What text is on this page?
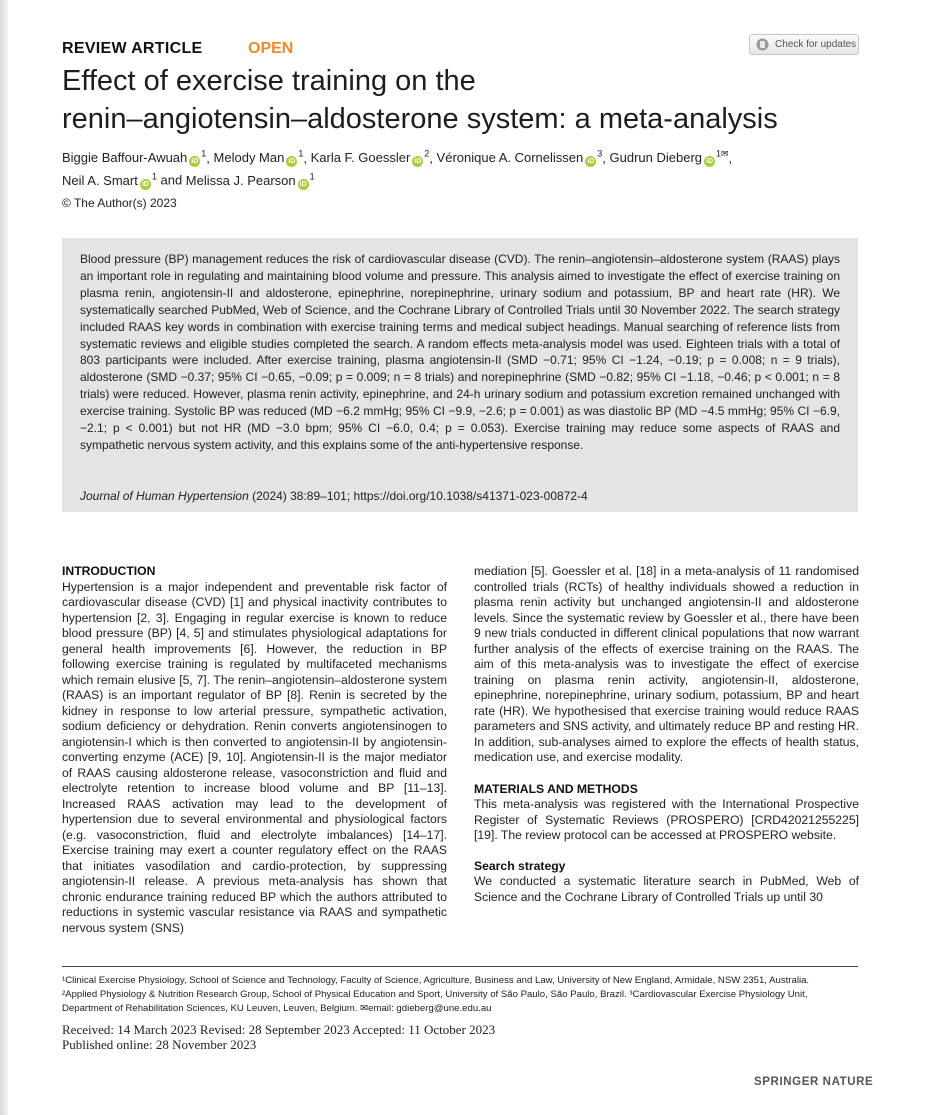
REVIEW ARTICLE	OPEN	Check for updates
Effect of exercise training on the
renin–angiotensin–aldosterone system: a meta-analysis
Biggie Baffour-Awuah $iD^1$, Melody Man $iD^1$, Karla F. Goessler $iD^2$, Véronique A. Cornelissen $iD^3$, Gudrun Dieberg $iD^{1✉}$,
Neil A. Smart $iD^1$ and Melissa J. Pearson $iD^1$
© The Author(s) 2023

Blood pressure (BP) management reduces the risk of cardiovascular disease (CVD). The renin–angiotensin–aldosterone system (RAAS) plays an important role in regulating and maintaining blood volume and pressure. This analysis aimed to investigate the effect of exercise training on plasma renin, angiotensin-II and aldosterone, epinephrine, norepinephrine, urinary sodium and potassium, BP and heart rate (HR). We systematically searched PubMed, Web of Science, and the Cochrane Library of Controlled Trials until 30 November 2022. The search strategy included RAAS key words in combination with exercise training terms and medical subject headings. Manual searching of reference lists from systematic reviews and eligible studies completed the search. A random effects meta-analysis model was used. Eighteen trials with a total of 803 participants were included. After exercise training, plasma angiotensin-II (SMD −0.71; 95% CI −1.24, −0.19; p = 0.008; n = 9 trials), aldosterone (SMD −0.37; 95% CI −0.65, −0.09; p = 0.009; n = 8 trials) and norepinephrine (SMD −0.82; 95% CI −1.18, −0.46; p < 0.001; n = 8 trials) were reduced. However, plasma renin activity, epinephrine, and 24-h urinary sodium and potassium excretion remained unchanged with exercise training. Systolic BP was reduced (MD −6.2 mmHg; 95% CI −9.9, −2.6; p = 0.001) as was diastolic BP (MD −4.5 mmHg; 95% CI −6.9, −2.1; p < 0.001) but not HR (MD −3.0 bpm; 95% CI −6.0, 0.4; p = 0.053). Exercise training may reduce some aspects of RAAS and sympathetic nervous system activity, and this explains some of the anti-hypertensive response.

Journal of Human Hypertension (2024) 38:89–101; https://doi.org/10.1038/s41371-023-00872-4
INTRODUCTION

Hypertension is a major independent and preventable risk factor of cardiovascular disease (CVD) [1] and physical inactivity contributes to hypertension [2, 3]. Engaging in regular exercise is known to reduce blood pressure (BP) [4, 5] and stimulates physiological adaptations for general health improvements [6]. However, the reduction in BP following exercise training is regulated by multifaceted mechanisms which remain elusive [5, 7]. The renin–angiotensin–aldosterone system (RAAS) is an important regulator of BP [8]. Renin is secreted by the kidney in response to low arterial pressure, sympathetic activation, sodium deficiency or dehydration. Renin converts angiotensinogen to angiotensin-I which is then converted to angiotensin-II by angiotensin-converting enzyme (ACE) [9, 10]. Angiotensin-II is the major mediator of RAAS causing aldosterone release, vasoconstriction and fluid and electrolyte retention to increase blood volume and BP [11–13]. Increased RAAS activation may lead to the development of hypertension due to several environmental and physiological factors (e.g. vasoconstriction, fluid and electrolyte imbalances) [14–17]. Exercise training may exert a counter regulatory effect on the RAAS that initiates vasodilation and cardio-protection, by suppressing angiotensin-II release. A previous meta-analysis has shown that chronic endurance training reduced BP which the authors attributed to reductions in systemic vascular resistance via RAAS and sympathetic nervous system (SNS)

mediation [5]. Goessler et al. [18] in a meta-analysis of 11 randomised controlled trials (RCTs) of healthy individuals showed a reduction in plasma renin activity but unchanged angiotensin-II and aldosterone levels. Since the systematic review by Goessler et al., there have been 9 new trials conducted in different clinical populations that now warrant further analysis of the effects of exercise training on the RAAS. The aim of this meta-analysis was to investigate the effect of exercise training on plasma renin activity, angiotensin-II, aldosterone, epinephrine, norepinephrine, urinary sodium, potassium, BP and heart rate (HR). We hypothesised that exercise training would reduce RAAS parameters and SNS activity, and ultimately reduce BP and resting HR. In addition, sub-analyses aimed to explore the effects of health status, medication use, and exercise modality.

MATERIALS AND METHODS

This meta-analysis was registered with the International Prospective Register of Systematic Reviews (PROSPERO) [CRD42021255225] [19]. The review protocol can be accessed at PROSPERO website.

Search strategy

We conducted a systematic literature search in PubMed, Web of Science and the Cochrane Library of Controlled Trials up until 30

¹Clinical Exercise Physiology, School of Science and Technology, Faculty of Science, Agriculture, Business and Law, University of New England, Armidale, NSW 2351, Australia.
²Applied Physiology & Nutrition Research Group, School of Physical Education and Sport, University of São Paulo, São Paulo, Brazil. ³Cardiovascular Exercise Physiology Unit,
Department of Rehabilitation Sciences, KU Leuven, Leuven, Belgium. ✉email: gdieberg@une.edu.au
Received: 14 March 2023 Revised: 28 September 2023 Accepted: 11 October 2023
Published online: 28 November 2023
SPRINGER NATURE
